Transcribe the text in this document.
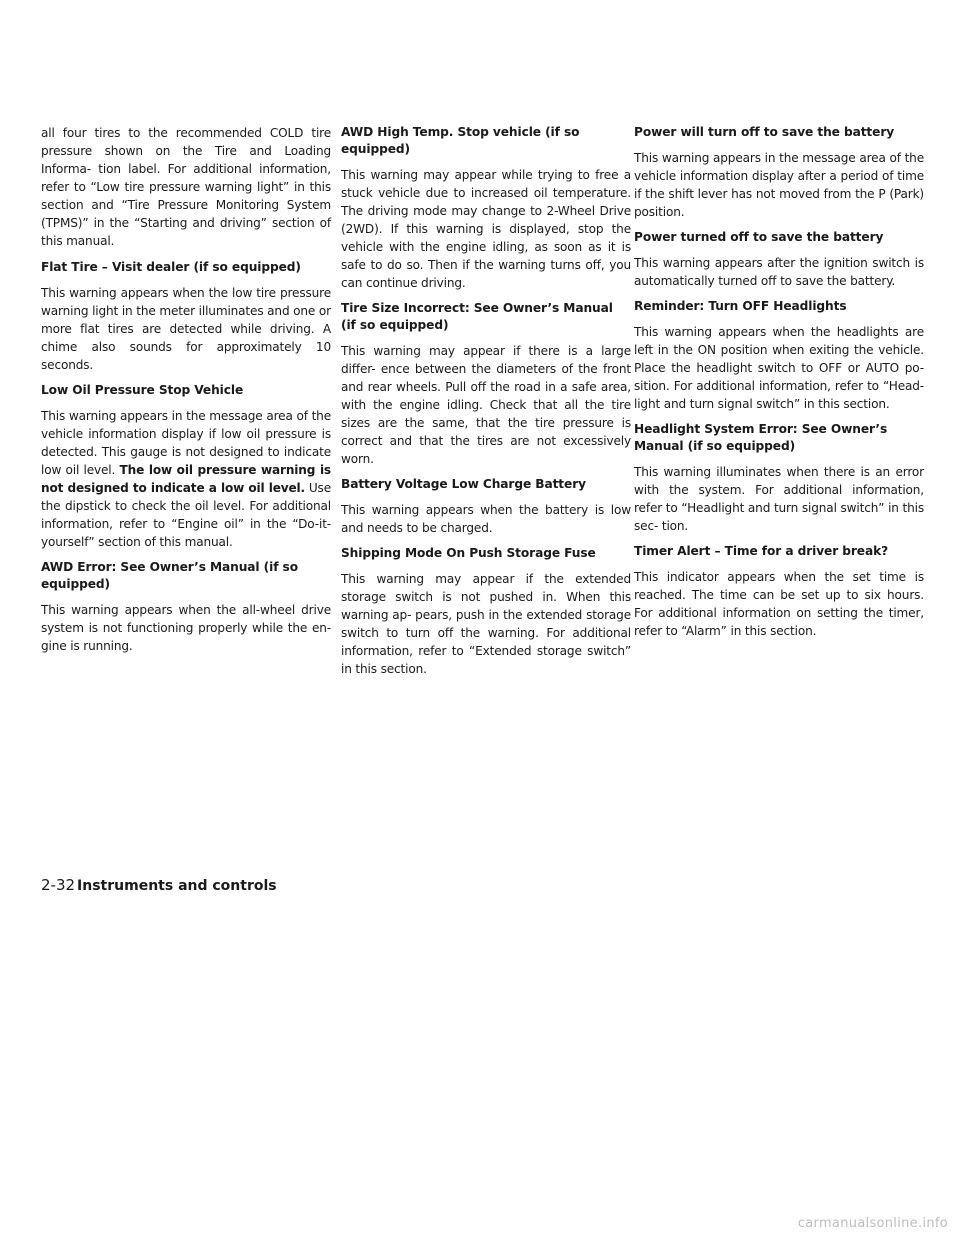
all four tires to the recommended COLD tire pressure shown on the Tire and Loading Informa- tion label. For additional information, refer to “Low tire pressure warning light” in this section and “Tire Pressure Monitoring System (TPMS)” in the “Starting and driving” section of this manual.

Flat Tire – Visit dealer (if so equipped)

This warning appears when the low tire pressure warning light in the meter illuminates and one or more flat tires are detected while driving. A chime also sounds for approximately 10 seconds.

Low Oil Pressure Stop Vehicle

This warning appears in the message area of the vehicle information display if low oil pressure is detected. This gauge is not designed to indicate low oil level. The low oil pressure warning is not designed to indicate a low oil level. Use the dipstick to check the oil level. For additional information, refer to “Engine oil” in the “Do-it- yourself” section of this manual.

AWD Error: See Owner’s Manual (if so equipped)

This warning appears when the all-wheel drive system is not functioning properly while the en- gine is running.

AWD High Temp. Stop vehicle (if so equipped)

This warning may appear while trying to free a stuck vehicle due to increased oil temperature. The driving mode may change to 2-Wheel Drive (2WD). If this warning is displayed, stop the vehicle with the engine idling, as soon as it is safe to do so. Then if the warning turns off, you can continue driving.

Tire Size Incorrect: See Owner’s Manual (if so equipped)

This warning may appear if there is a large differ- ence between the diameters of the front and rear wheels. Pull off the road in a safe area, with the engine idling. Check that all the tire sizes are the same, that the tire pressure is correct and that the tires are not excessively worn.

Battery Voltage Low Charge Battery

This warning appears when the battery is low and needs to be charged.

Shipping Mode On Push Storage Fuse

This warning may appear if the extended storage switch is not pushed in. When this warning ap- pears, push in the extended storage switch to turn off the warning. For additional information, refer to “Extended storage switch” in this section.

Power will turn off to save the battery

This warning appears in the message area of the vehicle information display after a period of time if the shift lever has not moved from the P (Park) position.

Power turned off to save the battery

This warning appears after the ignition switch is automatically turned off to save the battery.

Reminder: Turn OFF Headlights

This warning appears when the headlights are left in the ON position when exiting the vehicle. Place the headlight switch to OFF or AUTO po- sition. For additional information, refer to “Head- light and turn signal switch” in this section.

Headlight System Error: See Owner’s Manual (if so equipped)

This warning illuminates when there is an error with the system. For additional information, refer to “Headlight and turn signal switch” in this sec- tion.

Timer Alert – Time for a driver break?

This indicator appears when the set time is reached. The time can be set up to six hours. For additional information on setting the timer, refer to “Alarm” in this section.

2-32 Instruments and controls
carmanualsonline.info
